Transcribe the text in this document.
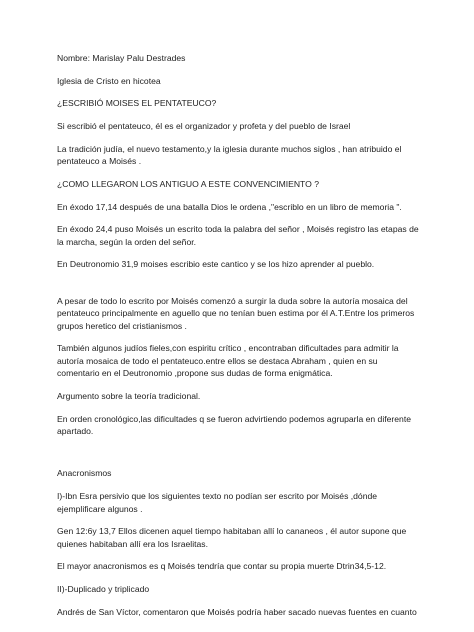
Nombre: Marislay Palu Destrades

Iglesia de Cristo en hicotea

¿ESCRIBIÓ MOISES EL PENTATEUCO?

Si escribió el pentateuco, él es el organizador y profeta y del pueblo de Israel

La tradición judía, el nuevo testamento,y la iglesia durante muchos siglos , han atribuido el pentateuco a Moisés .

¿COMO LLEGARON LOS ANTIGUO A ESTE CONVENCIMIENTO ?

En éxodo 17,14 después de una batalla Dios le ordena ,"escriblo en un libro de memoria ".

En éxodo 24,4 puso Moisés un escrito toda la palabra del señor , Moisés registro las etapas de la marcha, según la orden del señor.

En Deutronomio 31,9 moises escribio este cantico y se los hizo aprender al pueblo.

A pesar de todo lo escrito por Moisés comenzó a surgir la duda sobre la autoría mosaica del pentateuco principalmente en aguello que no tenían buen estima por él A.T.Entre los primeros grupos heretico del cristianismos .

También algunos judíos fieles,con espiritu crítico , encontraban dificultades para admitir la autoría mosaica de todo el pentateuco.entre ellos se destaca Abraham , quien en su comentario en el Deutronomio ,propone sus dudas de forma enigmática.

Argumento sobre la teoría tradicional.

En orden cronológico,las dificultades q se fueron advirtiendo podemos agruparla en diferente apartado.

Anacronismos

I)-Ibn Esra persivio que los siguientes texto no podían ser escrito por Moisés ,dónde ejemplificare algunos .

Gen 12:6y 13,7 Ellos dicenen aquel tiempo habitaban allí lo cananeos , él autor supone que quienes habitaban allí era los Israelitas.

El mayor anacronismos es q Moisés tendría que contar su propia muerte Dtrin34,5-12.

II)-Duplicado y triplicado

Andrés de San Víctor, comentaron que Moisés podría haber sacado nuevas fuentes en cuanto
